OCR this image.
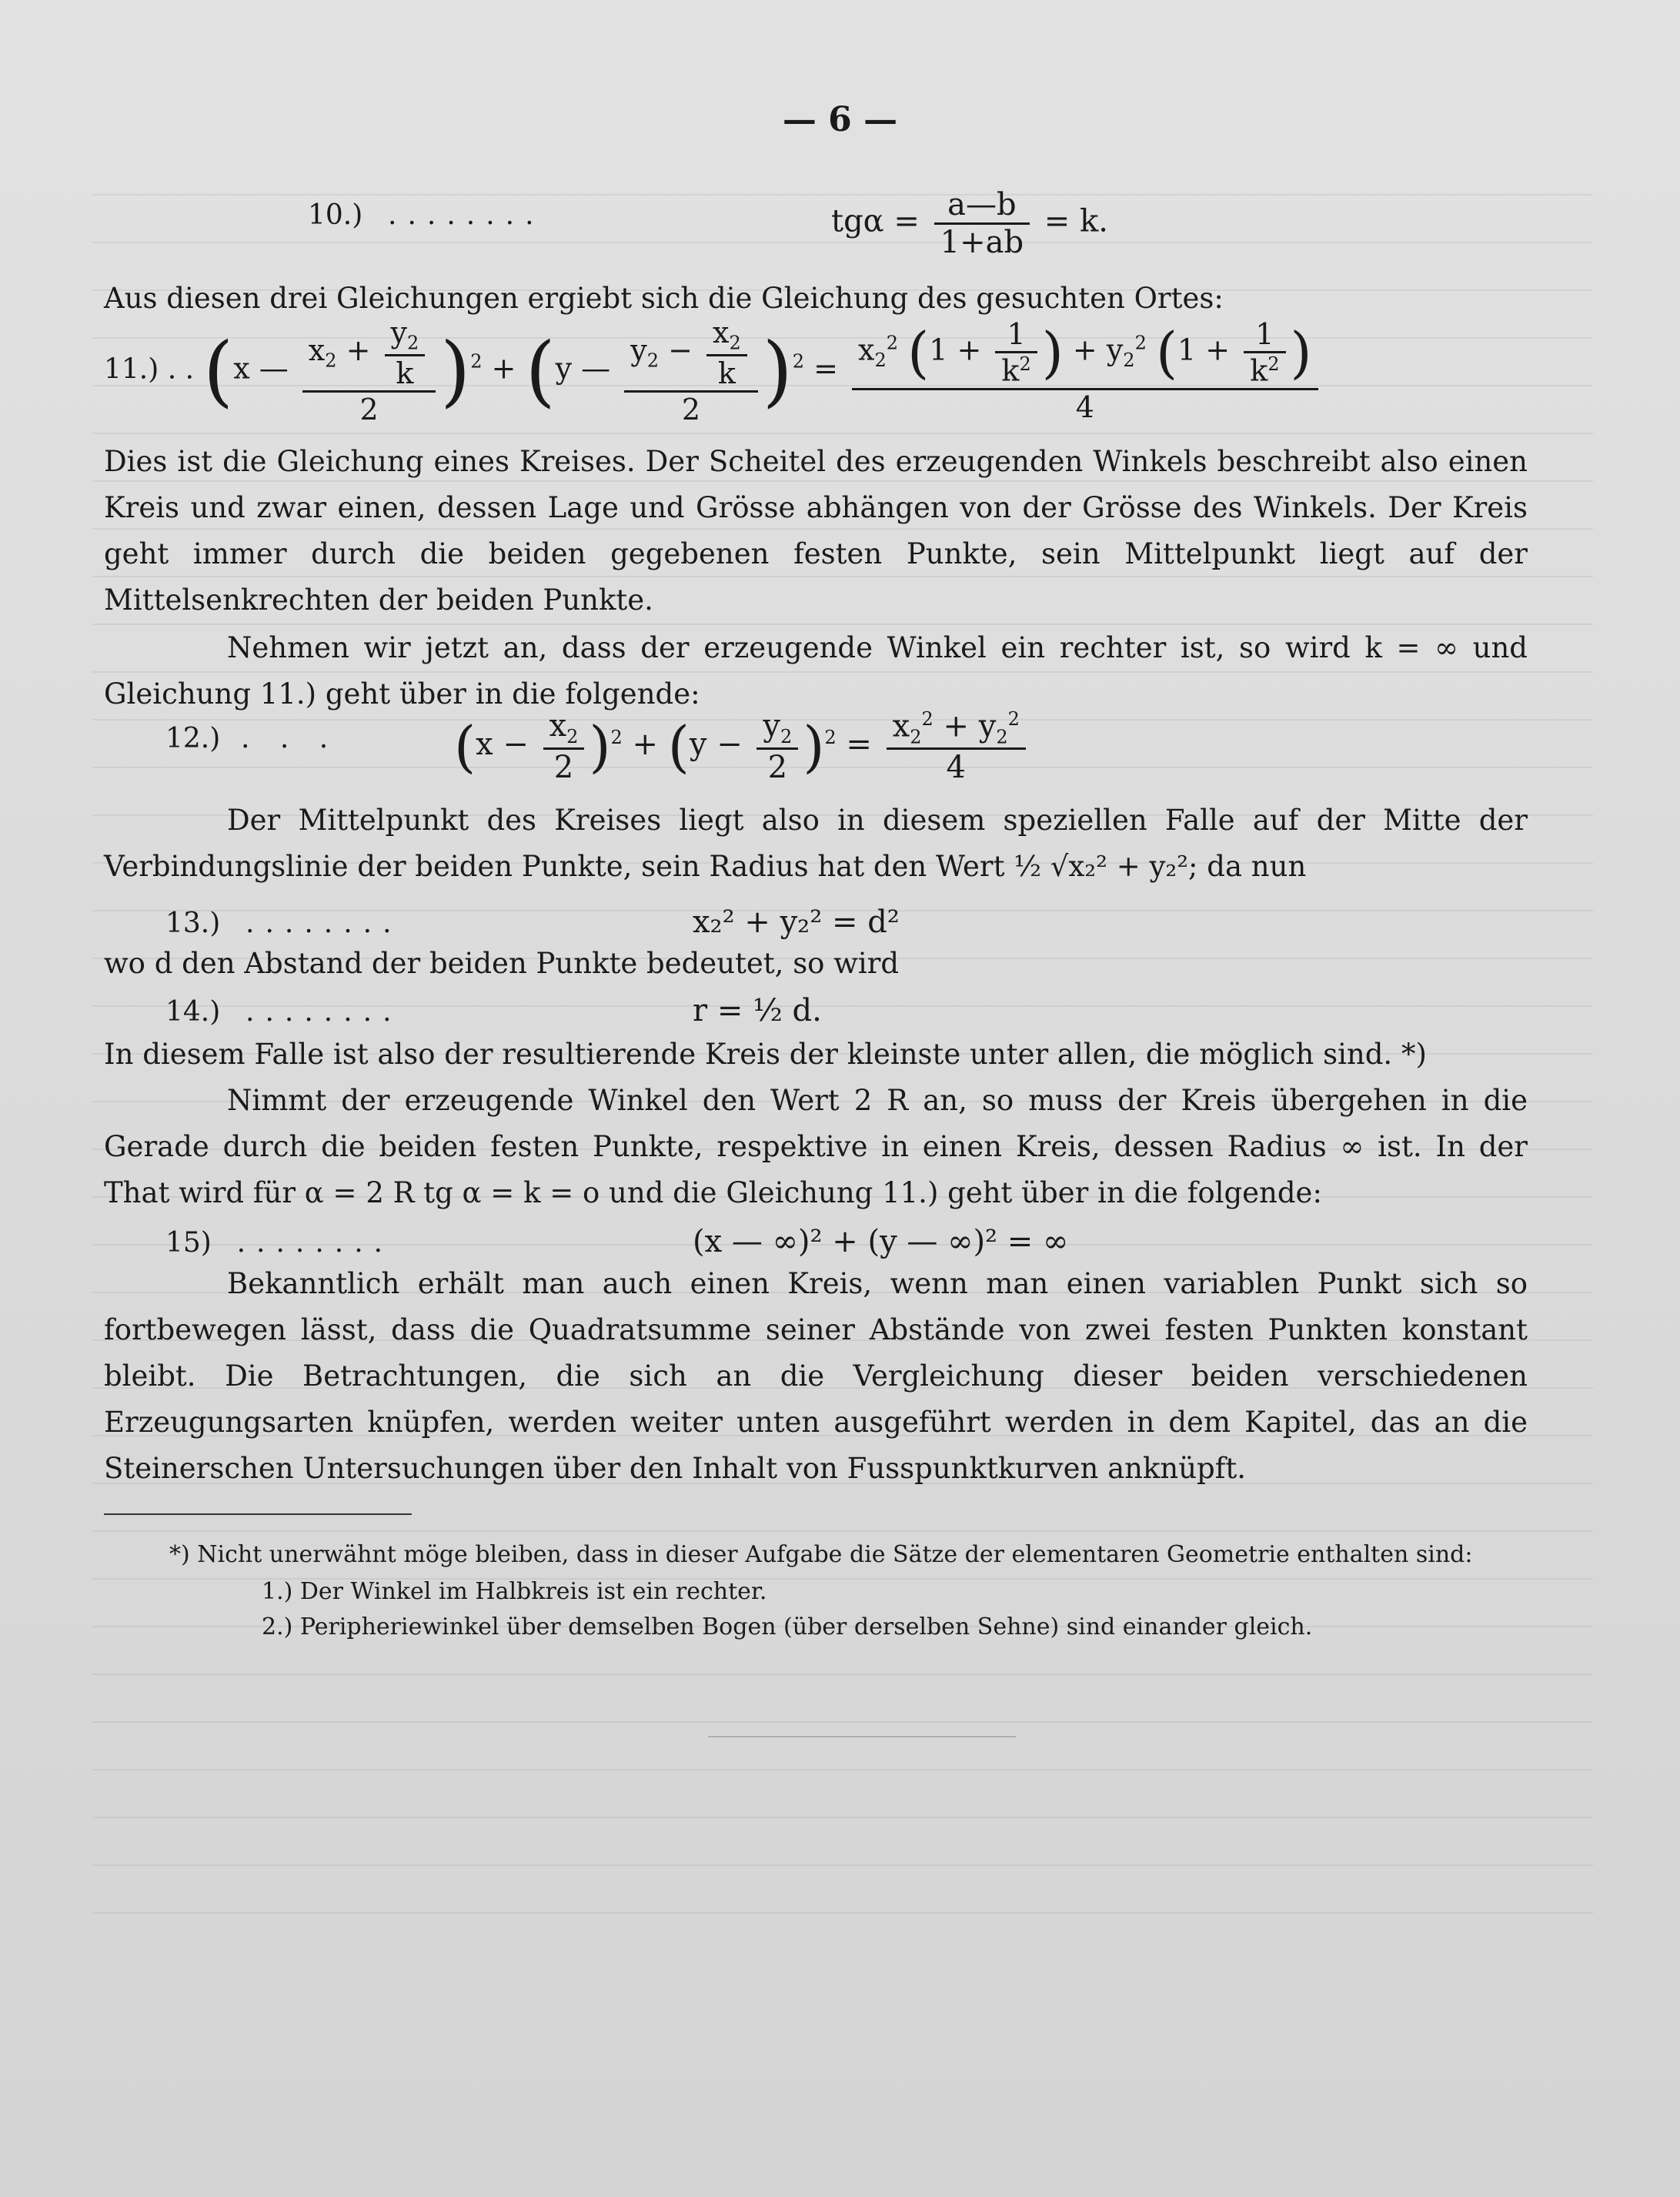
— 6 —
10.) ........	$tg\alpha = \frac{a—b}{1+ab} = k$.
Aus diesen drei Gleichungen ergiebt sich die Gleichung des gesuchten Ortes:
11.) . . (x — $\frac{x_2 + \frac{y_2}{k}}{2} )^2 + (y$ — $\frac{y_2 - \frac{x_2}{k}}{2} )^2 = \frac{x_2^2 (1 + \frac{1}{k^2} ) + y_2^2 (1 + \frac{1}{k^2} )}{4}$
Dies ist die Gleichung eines Kreises. Der Scheitel des erzeugenden Winkels beschreibt also einen Kreis und zwar einen, dessen Lage und Grösse abhängen von der Grösse des Winkels. Der Kreis geht immer durch die beiden gegebenen festen Punkte, sein Mittelpunkt liegt auf der Mittelsenkrechten der beiden Punkte.
Nehmen wir jetzt an, dass der erzeugende Winkel ein rechter ist, so wird k = ∞ und Gleichung 11.) geht über in die folgende:
12.) . . . $(x - \frac{x_2}{2} )^2 + (y - \frac{y_2}{2} )^2 = \frac{x_2^2 + y_2^2}{4}$
Der Mittelpunkt des Kreises liegt also in diesem speziellen Falle auf der Mitte der Verbindungslinie der beiden Punkte, sein Radius hat den Wert ½ √x₂² + y₂²; da nun
13.) ........	x₂² + y₂² = d²
wo d den Abstand der beiden Punkte bedeutet, so wird
14.) ........	r = ½ d.
In diesem Falle ist also der resultierende Kreis der kleinste unter allen, die möglich sind. *)
Nimmt der erzeugende Winkel den Wert 2 R an, so muss der Kreis übergehen in die Gerade durch die beiden festen Punkte, respektive in einen Kreis, dessen Radius ∞ ist. In der That wird für α = 2 R tg α = k = o und die Gleichung 11.) geht über in die folgende:
15) ........	(x — ∞)² + (y — ∞)² = ∞
Bekanntlich erhält man auch einen Kreis, wenn man einen variablen Punkt sich so fortbewegen lässt, dass die Quadratsumme seiner Abstände von zwei festen Punkten konstant bleibt. Die Betrachtungen, die sich an die Vergleichung dieser beiden verschiedenen Erzeugungsarten knüpfen, werden weiter unten ausgeführt werden in dem Kapitel, das an die Steinerschen Untersuchungen über den Inhalt von Fusspunktkurven anknüpft.
*) Nicht unerwähnt möge bleiben, dass in dieser Aufgabe die Sätze der elementaren Geometrie enthalten sind:
1.) Der Winkel im Halbkreis ist ein rechter.
2.) Peripheriewinkel über demselben Bogen (über derselben Sehne) sind einander gleich.
